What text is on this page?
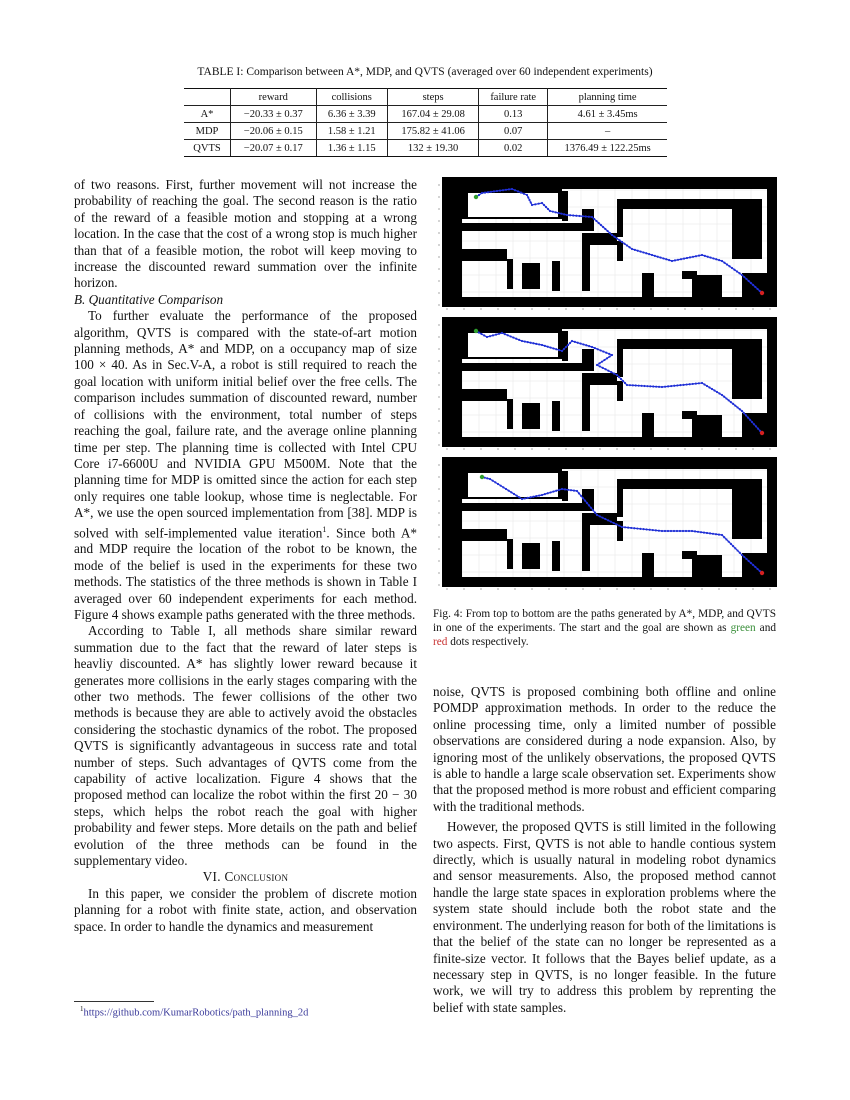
TABLE I: Comparison between A*, MDP, and QVTS (averaged over 60 independent experiments)
	reward	collisions	steps	failure rate	planning time
A*	−20.33 ± 0.37	6.36 ± 3.39	167.04 ± 29.08	0.13	4.61 ± 3.45ms
MDP	−20.06 ± 0.15	1.58 ± 1.21	175.82 ± 41.06	0.07	–
QVTS	−20.07 ± 0.17	1.36 ± 1.15	132 ± 19.30	0.02	1376.49 ± 122.25ms

of two reasons. First, further movement will not increase the probability of reaching the goal. The second reason is the ratio of the reward of a feasible motion and stopping at a wrong location. In the case that the cost of a wrong stop is much higher than that of a feasible motion, the robot will keep moving to increase the discounted reward summation over the infinite horizon.

B. Quantitative Comparison

To further evaluate the performance of the proposed algorithm, QVTS is compared with the state-of-art motion planning methods, A* and MDP, on a occupancy map of size 100 × 40. As in Sec.V-A, a robot is still required to reach the goal location with uniform initial belief over the free cells. The comparison includes summation of discounted reward, number of collisions with the environment, total number of steps reaching the goal, failure rate, and the average online planning time per step. The planning time is collected with Intel CPU Core i7-6600U and NVIDIA GPU M500M. Note that the planning time for MDP is omitted since the action for each step only requires one table lookup, whose time is neglectable. For A*, we use the open sourced implementation from [38]. MDP is solved with self-implemented value iteration$^1$. Since both A* and MDP require the location of the robot to be known, the mode of the belief is used in the experiments for these two methods. The statistics of the three methods is shown in Table I averaged over 60 independent experiments for each method. Figure 4 shows example paths generated with the three methods.

According to Table I, all methods share similar reward summation due to the fact that the reward of later steps is heavliy discounted. A* has slightly lower reward because it generates more collisions in the early stages comparing with the other two methods. The fewer collisions of the other two methods is because they are able to actively avoid the obstacles considering the stochastic dynamics of the robot. The proposed QVTS is significantly advantageous in success rate and total number of steps. Such advantages of QVTS come from the capability of active localization. Figure 4 shows that the proposed method can localize the robot within the first 20 − 30 steps, which helps the robot reach the goal with higher probability and fewer steps. More details on the path and belief evolution of the three methods can be found in the supplementary video.

VI. Conclusion

In this paper, we consider the problem of discrete motion planning for a robot with finite state, action, and observation space. In order to handle the dynamics and measurement

$^1$https://github.com/KumarRobotics/path_planning_2d
Fig. 4: From top to bottom are the paths generated by A*, MDP, and QVTS in one of the experiments. The start and the goal are shown as green and red dots respectively.

noise, QVTS is proposed combining both offline and online POMDP approximation methods. In order to the reduce the online processing time, only a limited number of possible observations are considered during a node expansion. Also, by ignoring most of the unlikely observations, the proposed QVTS is able to handle a large scale observation set. Experiments show that the proposed method is more robust and efficient comparing with the traditional methods.

However, the proposed QVTS is still limited in the following two aspects. First, QVTS is not able to handle contious system directly, which is usually natural in modeling robot dynamics and sensor measurements. Also, the proposed method cannot handle the large state spaces in exploration problems where the system state should include both the robot state and the environment. The underlying reason for both of the limitations is that the belief of the state can no longer be represented as a finite-size vector. It follows that the Bayes belief update, as a necessary step in QVTS, is no longer feasible. In the future work, we will try to address this problem by reprenting the belief with state samples.
